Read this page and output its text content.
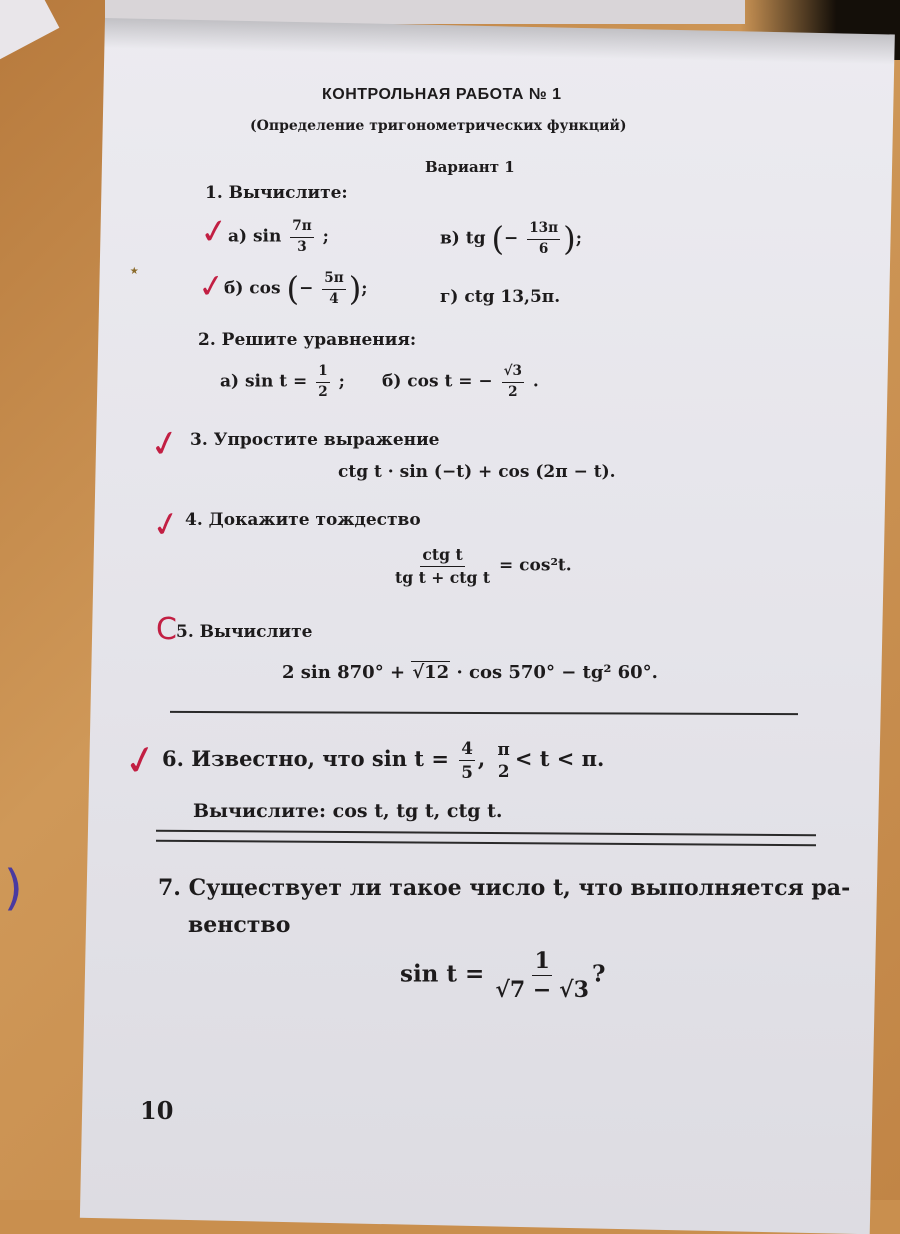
КОНТРОЛЬНАЯ РАБОТА № 1
(Определение тригонометрических функций)
Вариант 1
1. Вычислите:
а) $\sin \frac{7\pi}{3}$ ;
б) cos (− $\frac{5\pi}{4}$ );
в) tg (− $\frac{13\pi}{6}$ );
г) ctg 13,5π.
2. Решите уравнения:
а) $\sin t = \frac{1}{2}$ ; б) cos t = − $\frac{√3}{2}$ .
3. Упростите выражение
ctg t · sin (−t) + cos (2π − t).
4. Докажите тождество
$\frac{\text{ctg t}}{\text{tg t + ctg t}} = \cos^2t$.
5. Вычислите
2 sin 870° + √12 · cos 570° − tg² 60°.
6. Известно, что $\sin t = \frac{4}{5}$ , π
2
< t < π.
Вычислите: cos t, tg t, ctg t.
7. Существует ли такое число t, что выполняется ра-
венство
$\sin t = \frac{1}{√7 - √3}$ ?
10
✓
✓
✓
✓
С
✓
⋆
)
